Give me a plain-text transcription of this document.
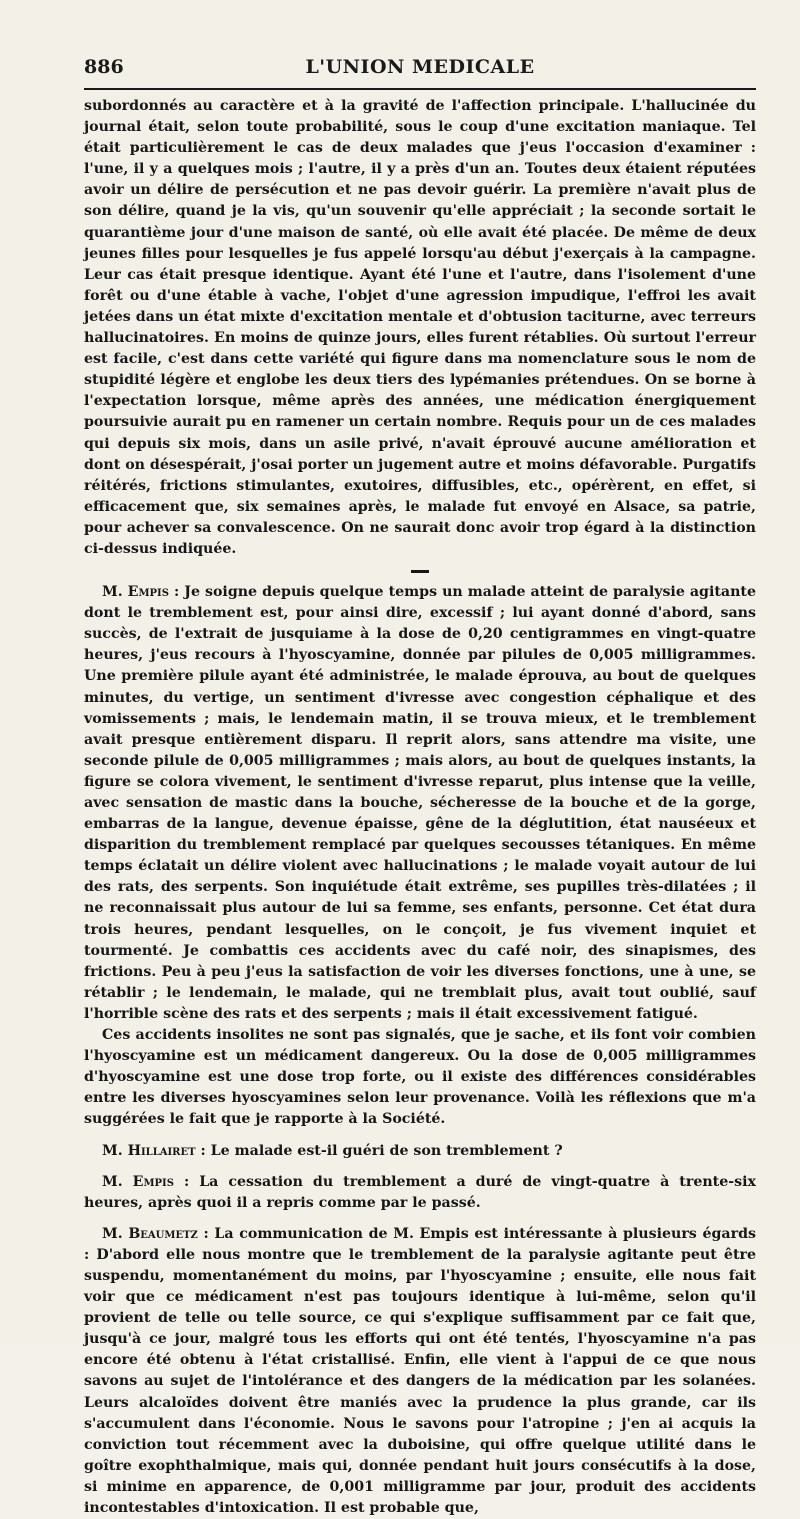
886	L'UNION MEDICALE

subordonnés au caractère et à la gravité de l'affection principale. L'hallucinée du journal était, selon toute probabilité, sous le coup d'une excitation maniaque. Tel était particulièrement le cas de deux malades que j'eus l'occasion d'examiner : l'une, il y a quelques mois ; l'autre, il y a près d'un an. Toutes deux étaient réputées avoir un délire de persécution et ne pas devoir guérir. La première n'avait plus de son délire, quand je la vis, qu'un souvenir qu'elle appréciait ; la seconde sortait le quarantième jour d'une maison de santé, où elle avait été placée. De même de deux jeunes filles pour lesquelles je fus appelé lorsqu'au début j'exerçais à la campagne. Leur cas était presque identique. Ayant été l'une et l'autre, dans l'isolement d'une forêt ou d'une étable à vache, l'objet d'une agression impudique, l'effroi les avait jetées dans un état mixte d'excitation mentale et d'obtusion taciturne, avec terreurs hallucinatoires. En moins de quinze jours, elles furent rétablies. Où surtout l'erreur est facile, c'est dans cette variété qui figure dans ma nomenclature sous le nom de stupidité légère et englobe les deux tiers des lypémanies prétendues. On se borne à l'expectation lorsque, même après des années, une médication énergiquement poursuivie aurait pu en ramener un certain nombre. Requis pour un de ces malades qui depuis six mois, dans un asile privé, n'avait éprouvé aucune amélioration et dont on désespérait, j'osai porter un jugement autre et moins défavorable. Purgatifs réitérés, frictions stimulantes, exutoires, diffusibles, etc., opérèrent, en effet, si efficacement que, six semaines après, le malade fut envoyé en Alsace, sa patrie, pour achever sa convalescence. On ne saurait donc avoir trop égard à la distinction ci-dessus indiquée.

M. Empis : Je soigne depuis quelque temps un malade atteint de paralysie agitante dont le tremblement est, pour ainsi dire, excessif ; lui ayant donné d'abord, sans succès, de l'extrait de jusquiame à la dose de 0,20 centigrammes en vingt-quatre heures, j'eus recours à l'hyoscyamine, donnée par pilules de 0,005 milligrammes. Une première pilule ayant été administrée, le malade éprouva, au bout de quelques minutes, du vertige, un sentiment d'ivresse avec congestion céphalique et des vomissements ; mais, le lendemain matin, il se trouva mieux, et le tremblement avait presque entièrement disparu. Il reprit alors, sans attendre ma visite, une seconde pilule de 0,005 milligrammes ; mais alors, au bout de quelques instants, la figure se colora vivement, le sentiment d'ivresse reparut, plus intense que la veille, avec sensation de mastic dans la bouche, sécheresse de la bouche et de la gorge, embarras de la langue, devenue épaisse, gêne de la déglutition, état nauséeux et disparition du tremblement remplacé par quelques secousses tétaniques. En même temps éclatait un délire violent avec hallucinations ; le malade voyait autour de lui des rats, des serpents. Son inquiétude était extrême, ses pupilles très-dilatées ; il ne reconnaissait plus autour de lui sa femme, ses enfants, personne. Cet état dura trois heures, pendant lesquelles, on le conçoit, je fus vivement inquiet et tourmenté. Je combattis ces accidents avec du café noir, des sinapismes, des frictions. Peu à peu j'eus la satisfaction de voir les diverses fonctions, une à une, se rétablir ; le lendemain, le malade, qui ne tremblait plus, avait tout oublié, sauf l'horrible scène des rats et des serpents ; mais il était excessivement fatigué.

Ces accidents insolites ne sont pas signalés, que je sache, et ils font voir combien l'hyoscyamine est un médicament dangereux. Ou la dose de 0,005 milligrammes d'hyoscyamine est une dose trop forte, ou il existe des différences considérables entre les diverses hyoscyamines selon leur provenance. Voilà les réflexions que m'a suggérées le fait que je rapporte à la Société.

M. Hillairet : Le malade est-il guéri de son tremblement ?

M. Empis : La cessation du tremblement a duré de vingt-quatre à trente-six heures, après quoi il a repris comme par le passé.

M. Beaumetz : La communication de M. Empis est intéressante à plusieurs égards : D'abord elle nous montre que le tremblement de la paralysie agitante peut être suspendu, momentanément du moins, par l'hyoscyamine ; ensuite, elle nous fait voir que ce médicament n'est pas toujours identique à lui-même, selon qu'il provient de telle ou telle source, ce qui s'explique suffisamment par ce fait que, jusqu'à ce jour, malgré tous les efforts qui ont été tentés, l'hyoscyamine n'a pas encore été obtenu à l'état cristallisé. Enfin, elle vient à l'appui de ce que nous savons au sujet de l'intolérance et des dangers de la médication par les solanées. Leurs alcaloïdes doivent être maniés avec la prudence la plus grande, car ils s'accumulent dans l'économie. Nous le savons pour l'atropine ; j'en ai acquis la conviction tout récemment avec la duboisine, qui offre quelque utilité dans le goître exophthalmique, mais qui, donnée pendant huit jours consécutifs à la dose, si minime en apparence, de 0,001 milligramme par jour, produit des accidents incontestables d'intoxication. Il est probable que,
